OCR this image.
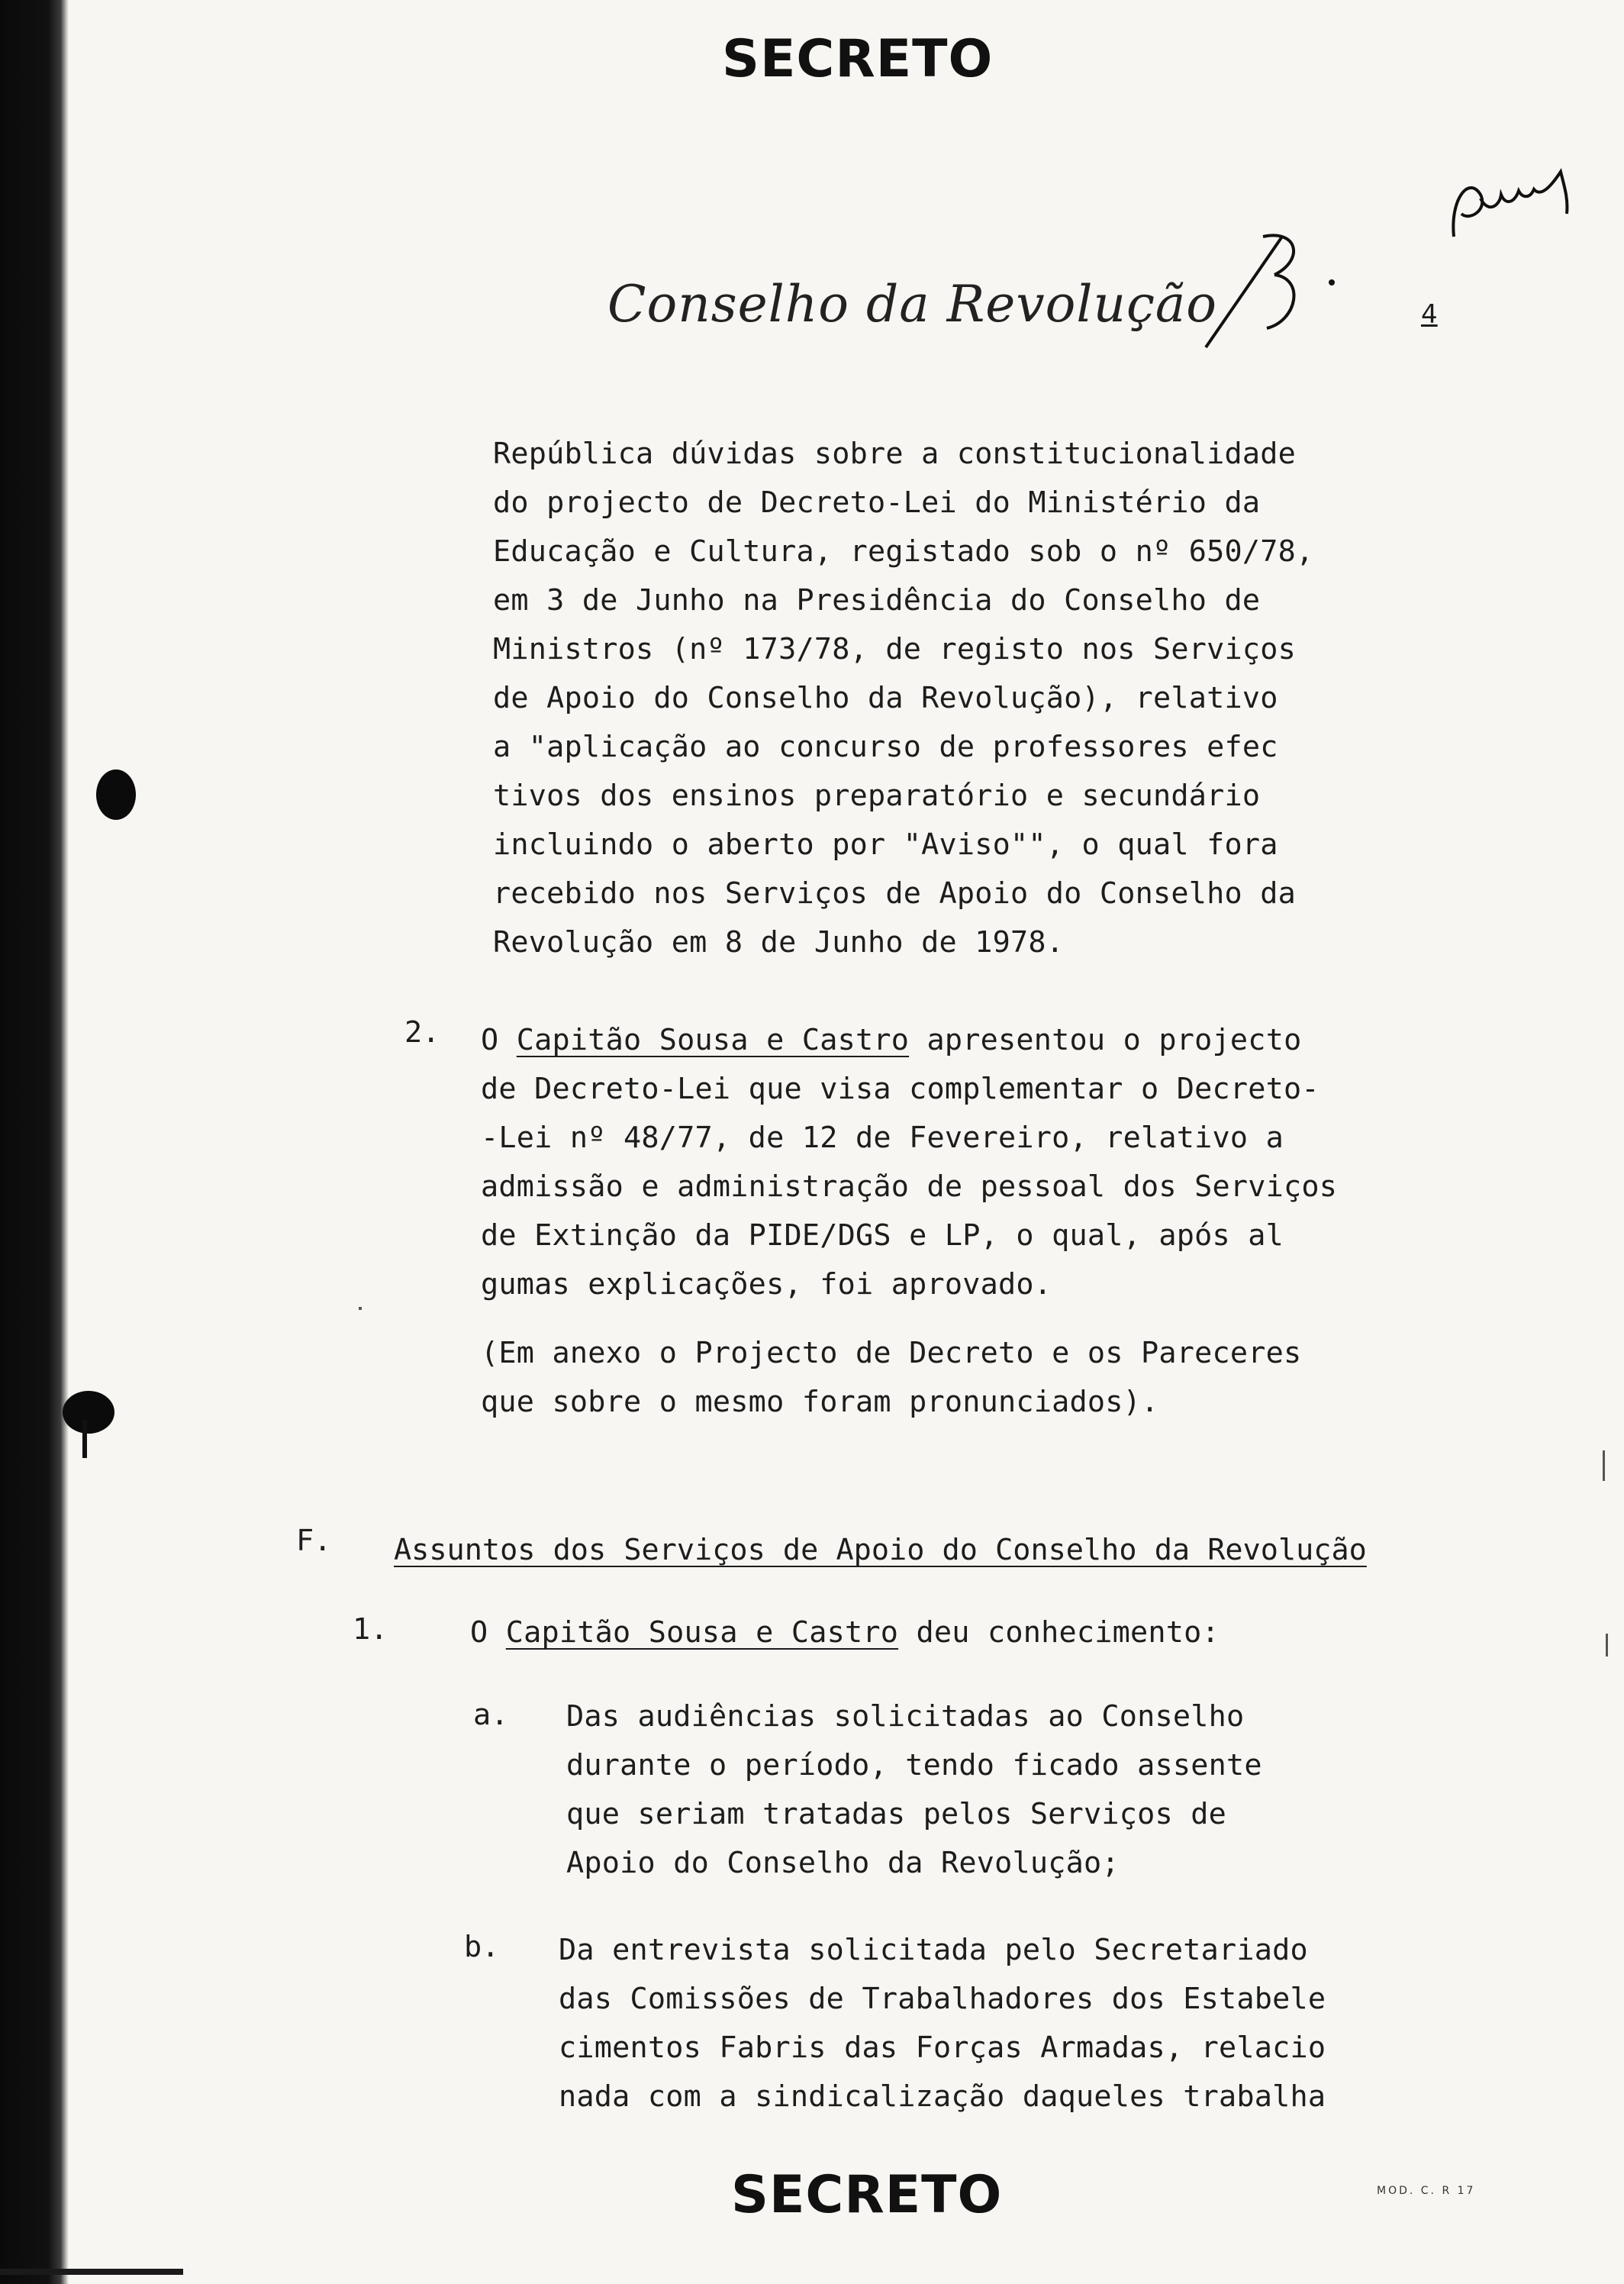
SECRETO
Conselho da Revolução	4
República dúvidas sobre a constitucionalidade
do projecto de Decreto-Lei do Ministério da
Educação e Cultura, registado sob o nº 650/78,
em 3 de Junho na Presidência do Conselho de
Ministros (nº 173/78, de registo nos Serviços
de Apoio do Conselho da Revolução), relativo
a "aplicação ao concurso de professores efec
tivos dos ensinos preparatório e secundário
incluindo o aberto por "Aviso"", o qual fora
recebido nos Serviços de Apoio do Conselho da
Revolução em 8 de Junho de 1978.
2. O Capitão Sousa e Castro apresentou o projecto
de Decreto-Lei que visa complementar o Decreto-
-Lei nº 48/77, de 12 de Fevereiro, relativo a
admissão e administração de pessoal dos Serviços
de Extinção da PIDE/DGS e LP, o qual, após al
gumas explicações, foi aprovado.
(Em anexo o Projecto de Decreto e os Pareceres
que sobre o mesmo foram pronunciados).
F. Assuntos dos Serviços de Apoio do Conselho da Revolução
1.	O Capitão Sousa e Castro deu conhecimento:
a. Das audiências solicitadas ao Conselho
durante o período, tendo ficado assente
que seriam tratadas pelos Serviços de
Apoio do Conselho da Revolução;
b. Da entrevista solicitada pelo Secretariado
das Comissões de Trabalhadores dos Estabele
cimentos Fabris das Forças Armadas, relacio
nada com a sindicalização daqueles trabalha
SECRETO	MOD. C. R 17
